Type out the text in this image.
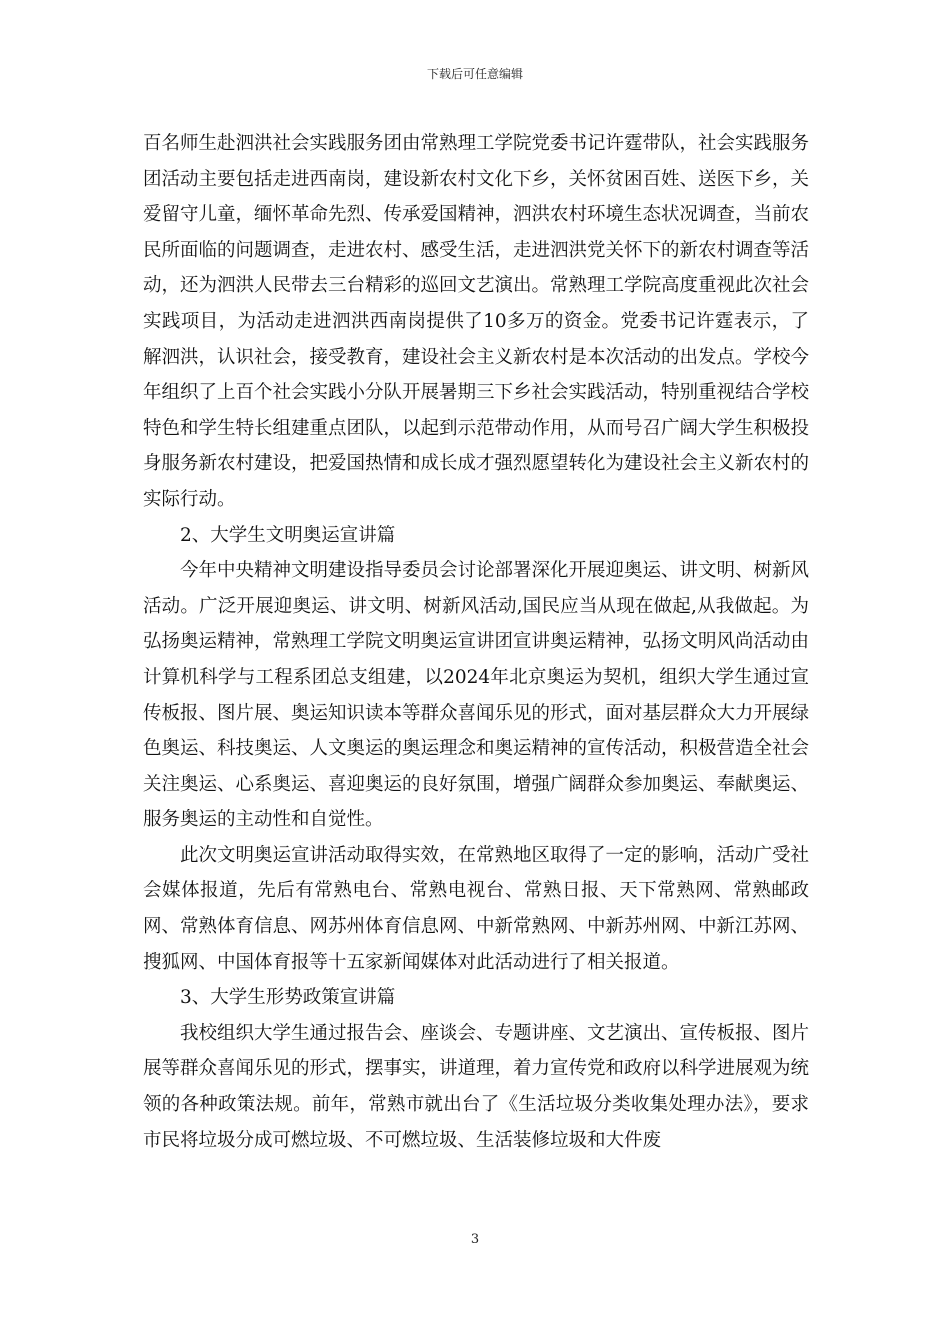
下载后可任意编辑

百名师生赴泗洪社会实践服务团由常熟理工学院党委书记许霆带队，社会实践服务团活动主要包括走进西南岗，建设新农村文化下乡，关怀贫困百姓、送医下乡，关爱留守儿童，缅怀革命先烈、传承爱国精神，泗洪农村环境生态状况调查，当前农民所面临的问题调查，走进农村、感受生活，走进泗洪党关怀下的新农村调查等活动，还为泗洪人民带去三台精彩的巡回文艺演出。常熟理工学院高度重视此次社会实践项目，为活动走进泗洪西南岗提供了10多万的资金。党委书记许霆表示，了解泗洪，认识社会，接受教育，建设社会主义新农村是本次活动的出发点。学校今年组织了上百个社会实践小分队开展暑期三下乡社会实践活动，特别重视结合学校特色和学生特长组建重点团队，以起到示范带动作用，从而号召广阔大学生积极投身服务新农村建设，把爱国热情和成长成才强烈愿望转化为建设社会主义新农村的实际行动。

2、大学生文明奥运宣讲篇

今年中央精神文明建设指导委员会讨论部署深化开展迎奥运、讲文明、树新风活动。广泛开展迎奥运、讲文明、树新风活动,国民应当从现在做起,从我做起。为弘扬奥运精神，常熟理工学院文明奥运宣讲团宣讲奥运精神，弘扬文明风尚活动由计算机科学与工程系团总支组建，以2024年北京奥运为契机，组织大学生通过宣传板报、图片展、奥运知识读本等群众喜闻乐见的形式，面对基层群众大力开展绿色奥运、科技奥运、人文奥运的奥运理念和奥运精神的宣传活动，积极营造全社会关注奥运、心系奥运、喜迎奥运的良好氛围，增强广阔群众参加奥运、奉献奥运、服务奥运的主动性和自觉性。

此次文明奥运宣讲活动取得实效，在常熟地区取得了一定的影响，活动广受社会媒体报道，先后有常熟电台、常熟电视台、常熟日报、天下常熟网、常熟邮政网、常熟体育信息、网苏州体育信息网、中新常熟网、中新苏州网、中新江苏网、搜狐网、中国体育报等十五家新闻媒体对此活动进行了相关报道。

3、大学生形势政策宣讲篇

我校组织大学生通过报告会、座谈会、专题讲座、文艺演出、宣传板报、图片展等群众喜闻乐见的形式，摆事实，讲道理，着力宣传党和政府以科学进展观为统领的各种政策法规。前年，常熟市就出台了《生活垃圾分类收集处理办法》，要求市民将垃圾分成可燃垃圾、不可燃垃圾、生活装修垃圾和大件废

3
